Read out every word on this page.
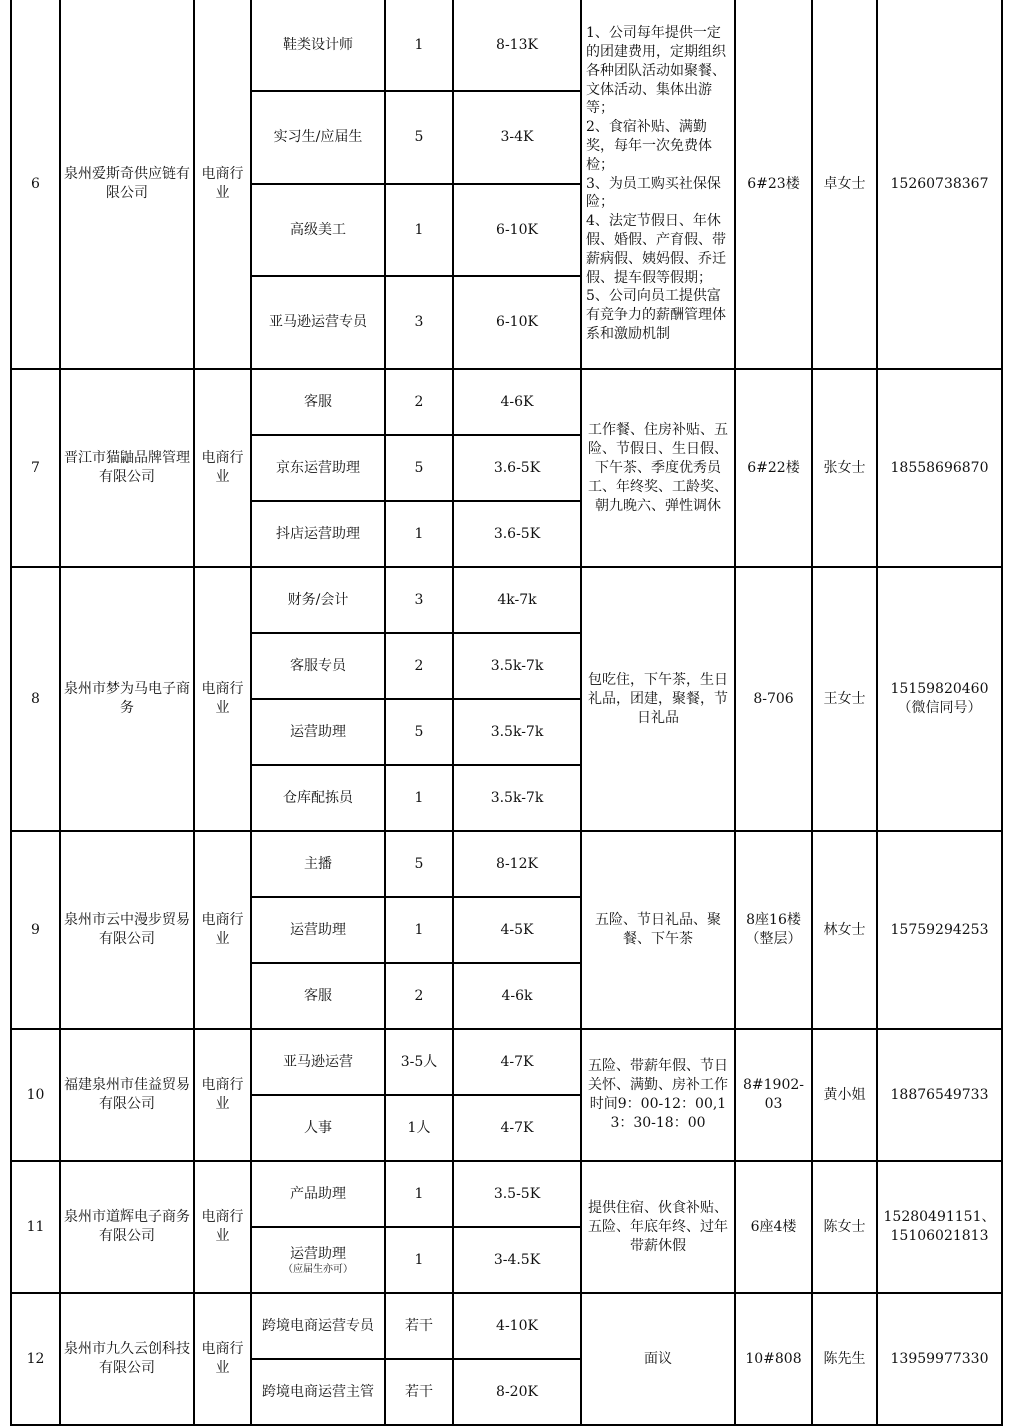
6	泉州爱斯奇供应链有限公司	电商行业	鞋类设计师	1	8-13K	1、公司每年提供一定的团建费用，定期组织各种团队活动如聚餐、文体活动、集体出游等；
2、食宿补贴、满勤奖，每年一次免费体检；
3、为员工购买社保保险；
4、法定节假日、年休假、婚假、产育假、带薪病假、姨妈假、乔迁假、提车假等假期；
5、公司向员工提供富有竞争力的薪酬管理体系和激励机制	6#23楼	卓女士	15260738367
			实习生/应届生	5	3-4K				
			高级美工	1	6-10K				
			亚马逊运营专员	3	6-10K				
7	晋江市猫鼬品牌管理有限公司	电商行业	客服	2	4-6K	工作餐、住房补贴、五险、节假日、生日假、下午茶、季度优秀员工、年终奖、工龄奖、朝九晚六、弹性调休	6#22楼	张女士	18558696870
			京东运营助理	5	3.6-5K				
			抖店运营助理	1	3.6-5K				
8	泉州市梦为马电子商务	电商行业	财务/会计	3	4k-7k	包吃住，下午茶，生日礼品，团建，聚餐，节日礼品	8-706	王女士	15159820460（微信同号）
			客服专员	2	3.5k-7k				
			运营助理	5	3.5k-7k				
			仓库配拣员	1	3.5k-7k				
9	泉州市云中漫步贸易有限公司	电商行业	主播	5	8-12K	五险、节日礼品、聚餐、下午茶	8座16楼（整层）	林女士	15759294253
			运营助理	1	4-5K				
			客服	2	4-6k				
10	福建泉州市佳益贸易有限公司	电商行业	亚马逊运营	3-5人	4-7K	五险、带薪年假、节日关怀、满勤、房补工作时间9：00-12：00,13：30-18：00	8#1902-03	黄小姐	18876549733
			人事	1人	4-7K				
11	泉州市道辉电子商务有限公司	电商行业	产品助理	1	3.5-5K	提供住宿、伙食补贴、五险、年底年终、过年带薪休假	6座4楼	陈女士	15280491151、15106021813
			运营助理
（应届生亦可）	1	3-4.5K				
12	泉州市九久云创科技有限公司	电商行业	跨境电商运营专员	若干	4-10K	面议	10#808	陈先生	13959977330
			跨境电商运营主管	若干	8-20K				
